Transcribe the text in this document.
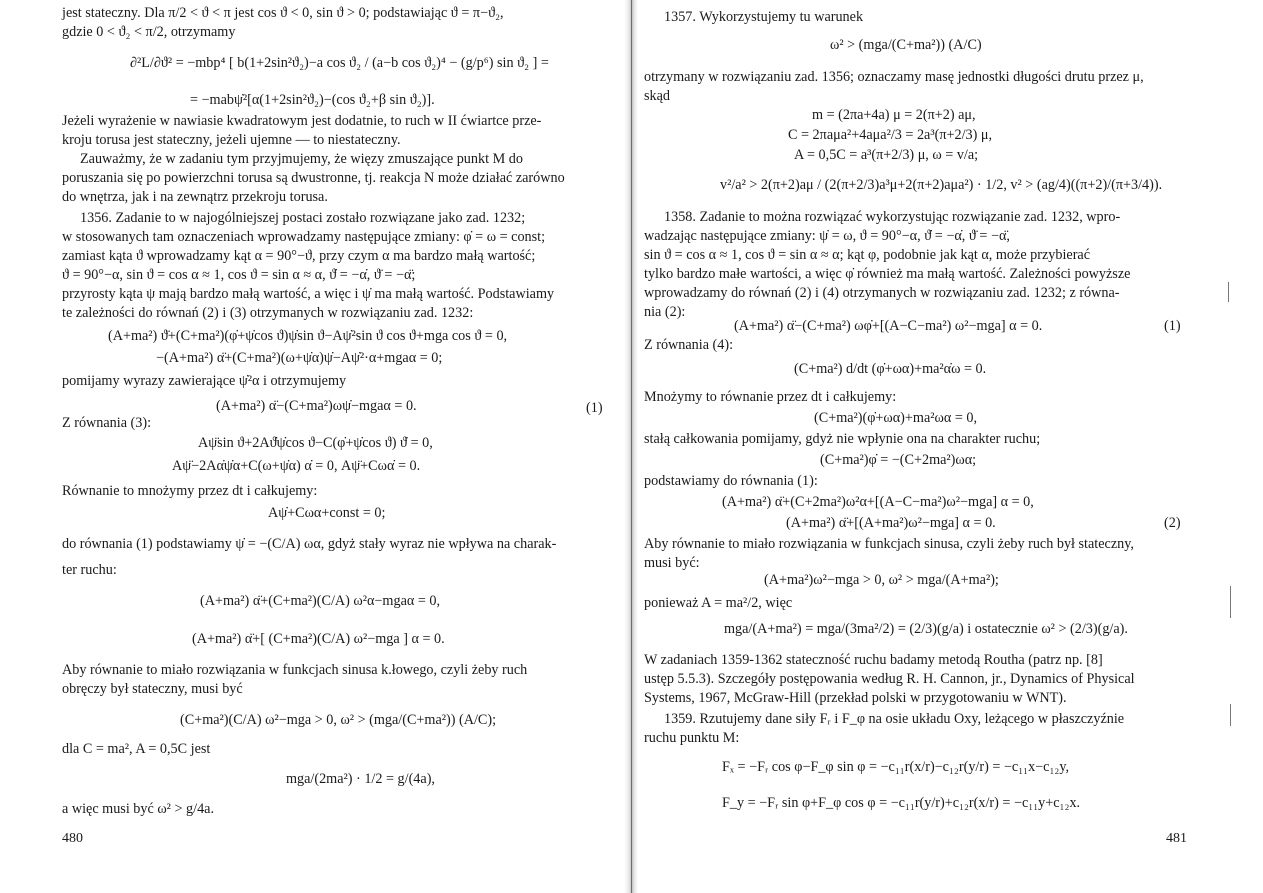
jest stateczny. Dla π/2 < ϑ < π jest cos ϑ < 0, sin ϑ > 0; podstawiając ϑ = π−ϑ₂,
gdzie 0 < ϑ₂ < π/2, otrzymamy
∂²L/∂ϑ² = −mbp⁴ [ b(1+2sin²ϑ₂)−a cos ϑ₂ / (a−b cos ϑ₂)⁴ − (g/p⁶) sin ϑ₂ ] =
= −mabψ̇²[α(1+2sin²ϑ₂)−(cos ϑ₂+β sin ϑ₂)].
Jeżeli wyrażenie w nawiasie kwadratowym jest dodatnie, to ruch w II ćwiartce prze-
kroju torusa jest stateczny, jeżeli ujemne — to niestateczny.
Zauważmy, że w zadaniu tym przyjmujemy, że więzy zmuszające punkt M do
poruszania się po powierzchni torusa są dwustronne, tj. reakcja N może działać zarówno
do wnętrza, jak i na zewnątrz przekroju torusa.
1356. Zadanie to w najogólniejszej postaci zostało rozwiązane jako zad. 1232;
w stosowanych tam oznaczeniach wprowadzamy następujące zmiany: φ̇ = ω = const;
zamiast kąta ϑ wprowadzamy kąt α = 90°−ϑ, przy czym α ma bardzo małą wartość;
ϑ = 90°−α, sin ϑ = cos α ≈ 1, cos ϑ = sin α ≈ α, ϑ̇ = −α̇, ϑ̈ = −α̈;
przyrosty kąta ψ mają bardzo małą wartość, a więc i ψ̇ ma małą wartość. Podstawiamy
te zależności do równań (2) i (3) otrzymanych w rozwiązaniu zad. 1232:
(A+ma²) ϑ̈+(C+ma²)(φ̇+ψ̇cos ϑ)ψ̇sin ϑ−Aψ̇²sin ϑ cos ϑ+mga cos ϑ = 0,
−(A+ma²) α̈+(C+ma²)(ω+ψ̇α)ψ̇−Aψ̇²·α+mgaα = 0;
pomijamy wyrazy zawierające ψ̇²α i otrzymujemy
(A+ma²) α̈−(C+ma²)ωψ̇−mgaα = 0.	(1)
Z równania (3):
Aψ̈sin ϑ+2Aϑ̇ψ̇cos ϑ−C(φ̇+ψ̇cos ϑ) ϑ̇ = 0,
Aψ̈−2Aα̇ψ̇α+C(ω+ψ̇α) α̇ = 0, Aψ̈+Cωα̇ = 0.
Równanie to mnożymy przez dt i całkujemy:
Aψ̇+Cωα+const = 0;
do równania (1) podstawiamy ψ̇ = −(C/A) ωα, gdyż stały wyraz nie wpływa na charak-
ter ruchu:
(A+ma²) α̈+(C+ma²)(C/A) ω²α−mgaα = 0,
(A+ma²) α̈+[ (C+ma²)(C/A) ω²−mga ] α = 0.
Aby równanie to miało rozwiązania w funkcjach sinusa k.łowego, czyli żeby ruch
obręczy był stateczny, musi być
(C+ma²)(C/A) ω²−mga > 0, ω² > (mga/(C+ma²)) (A/C);
dla C = ma², A = 0,5C jest
mga/(2ma²) · 1/2 = g/(4a),
a więc musi być ω² > g/4a.
480
1357. Wykorzystujemy tu warunek
ω² > (mga/(C+ma²)) (A/C)
otrzymany w rozwiązaniu zad. 1356; oznaczamy masę jednostki długości drutu przez μ,
skąd
m = (2πa+4a) μ = 2(π+2) aμ,
C = 2πaμa²+4aμa²/3 = 2a³(π+2/3) μ,
A = 0,5C = a³(π+2/3) μ, ω = v/a;
v²/a² > 2(π+2)aμ / (2(π+2/3)a³μ+2(π+2)aμa²) · 1/2, v² > (ag/4)((π+2)/(π+3/4)).
1358. Zadanie to można rozwiązać wykorzystując rozwiązanie zad. 1232, wpro-
wadzając następujące zmiany: ψ̇ = ω, ϑ = 90°−α, ϑ̇ = −α̇, ϑ̈ = −α̈,
sin ϑ = cos α ≈ 1, cos ϑ = sin α ≈ α; kąt φ, podobnie jak kąt α, może przybierać
tylko bardzo małe wartości, a więc φ̇ również ma małą wartość. Zależności powyższe
wprowadzamy do równań (2) i (4) otrzymanych w rozwiązaniu zad. 1232; z równa-
nia (2):
(A+ma²) α̈−(C+ma²) ωφ̇+[(A−C−ma²) ω²−mga] α = 0.	(1)
Z równania (4):
(C+ma²) d/dt (φ̇+ωα)+ma²α̇ω = 0.
Mnożymy to równanie przez dt i całkujemy:
(C+ma²)(φ̇+ωα)+ma²ωα = 0,
stałą całkowania pomijamy, gdyż nie wpłynie ona na charakter ruchu;
(C+ma²)φ̇ = −(C+2ma²)ωα;
podstawiamy do równania (1):
(A+ma²) α̈+(C+2ma²)ω²α+[(A−C−ma²)ω²−mga] α = 0,
(A+ma²) α̈+[(A+ma²)ω²−mga] α = 0.	(2)
Aby równanie to miało rozwiązania w funkcjach sinusa, czyli żeby ruch był stateczny,
musi być:
(A+ma²)ω²−mga > 0, ω² > mga/(A+ma²);
ponieważ A = ma²/2, więc
mga/(A+ma²) = mga/(3ma²/2) = (2/3)(g/a) i ostatecznie ω² > (2/3)(g/a).
W zadaniach 1359-1362 stateczność ruchu badamy metodą Routha (patrz np. [8]
ustęp 5.5.3). Szczegóły postępowania według R. H. Cannon, jr., Dynamics of Physical
Systems, 1967, McGraw-Hill (przekład polski w przygotowaniu w WNT).
1359. Rzutujemy dane siły Fᵣ i F_φ na osie układu Oxy, leżącego w płaszczyźnie
ruchu punktu M:
Fₓ = −Fᵣ cos φ−F_φ sin φ = −c₁₁r(x/r)−c₁₂r(y/r) = −c₁₁x−c₁₂y,
F_y = −Fᵣ sin φ+F_φ cos φ = −c₁₁r(y/r)+c₁₂r(x/r) = −c₁₁y+c₁₂x.
481
